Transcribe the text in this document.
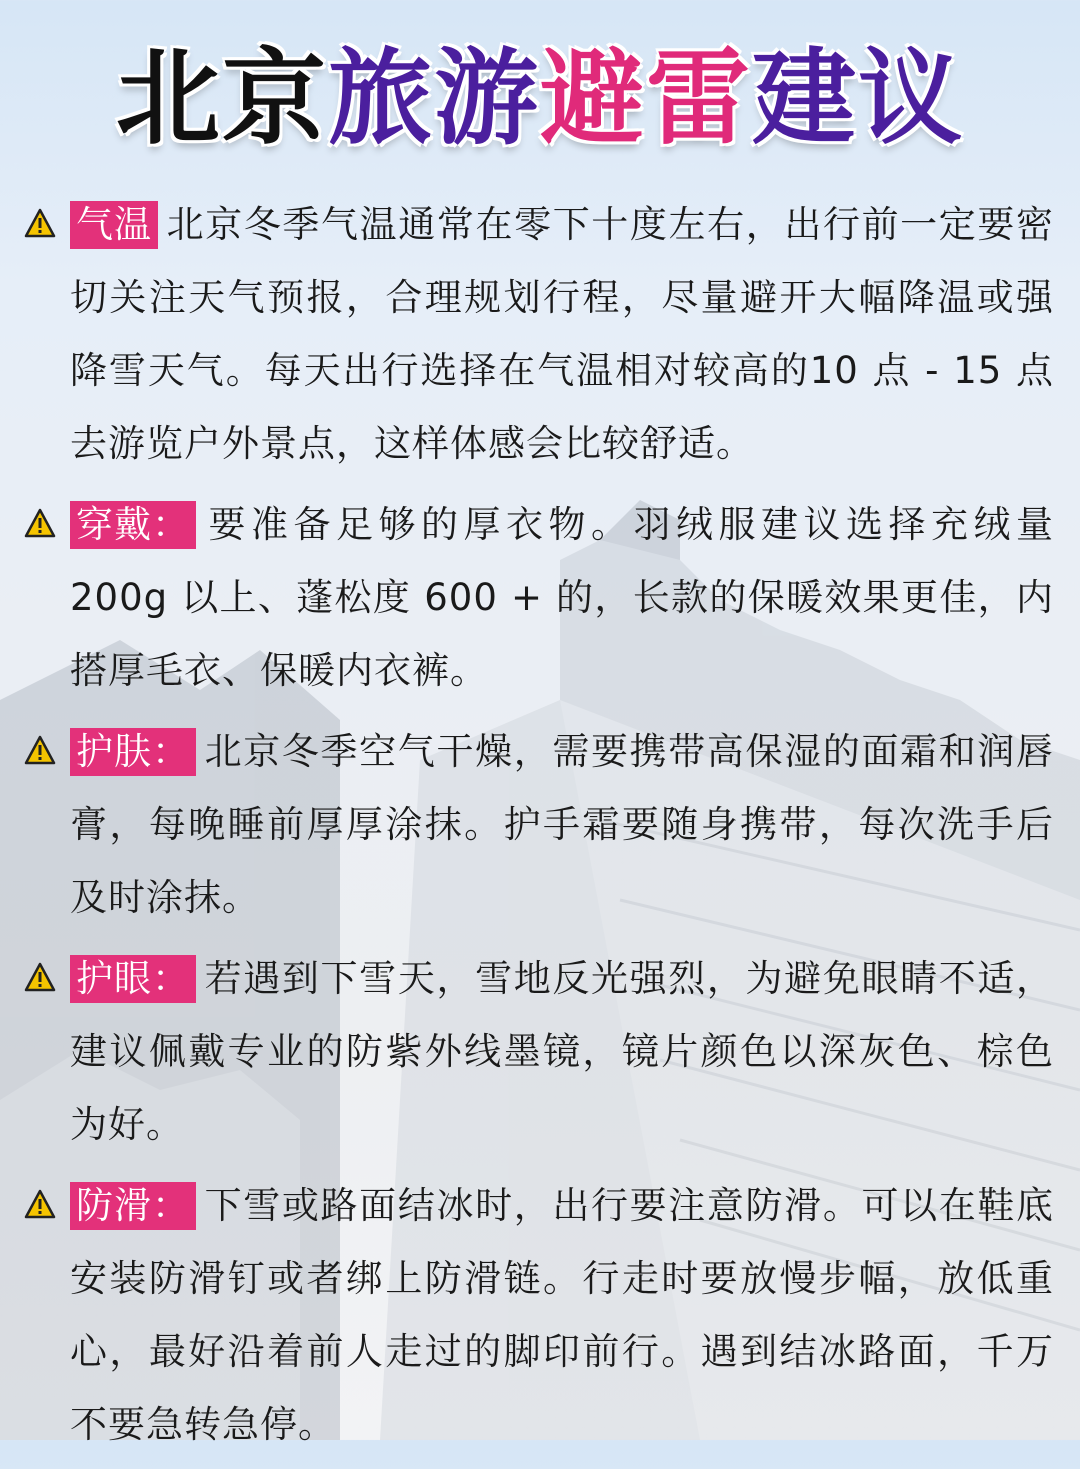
北京旅游避雷建议

气温 北京冬季气温通常在零下十度左右，出行前一定要密切关注天气预报，合理规划行程，尽量避开大幅降温或强降雪天气。每天出行选择在气温相对较高的10 点 - 15 点去游览户外景点，这样体感会比较舒适。

穿戴： 要准备足够的厚衣物。羽绒服建议选择充绒量200g 以上、蓬松度 600 + 的，长款的保暖效果更佳，内搭厚毛衣、保暖内衣裤。

护肤： 北京冬季空气干燥，需要携带高保湿的面霜和润唇膏，每晚睡前厚厚涂抹。护手霜要随身携带，每次洗手后及时涂抹。

护眼： 若遇到下雪天，雪地反光强烈，为避免眼睛不适，建议佩戴专业的防紫外线墨镜，镜片颜色以深灰色、棕色为好。

防滑： 下雪或路面结冰时，出行要注意防滑。可以在鞋底安装防滑钉或者绑上防滑链。行走时要放慢步幅，放低重心，最好沿着前人走过的脚印前行。遇到结冰路面，千万不要急转急停。
